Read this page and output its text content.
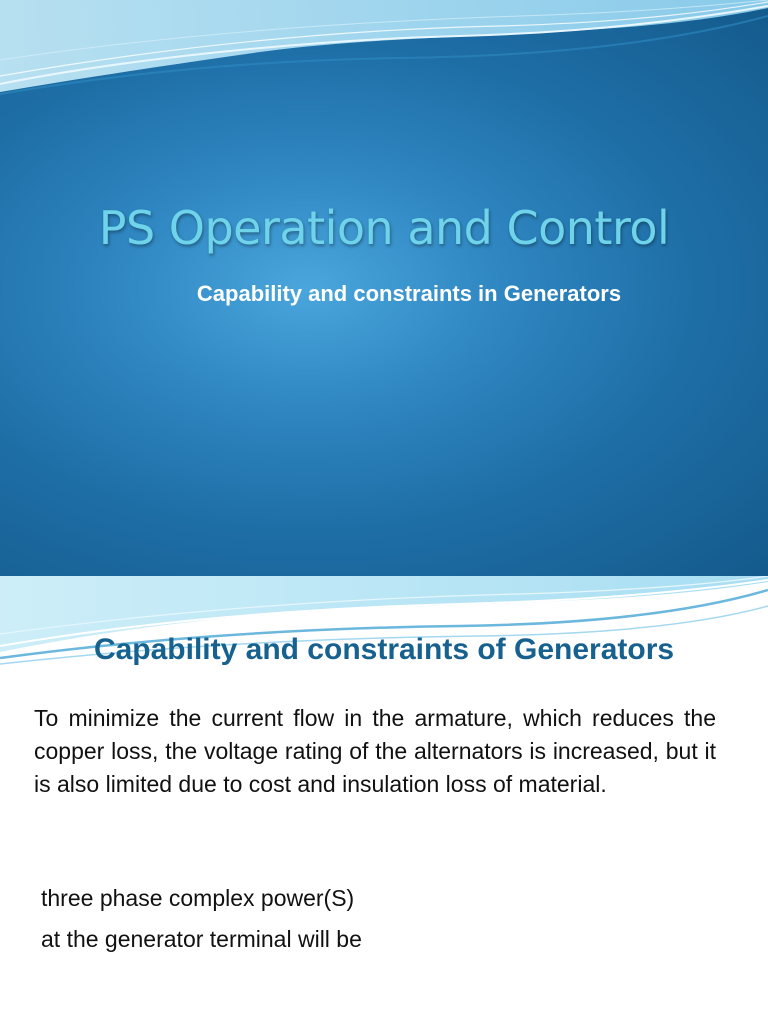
PS Operation and Control
Capability and constraints in Generators
Capability and constraints of Generators

To minimize the current flow in the armature, which reduces the copper loss, the voltage rating of the alternators is increased, but it is also limited due to cost and insulation loss of material.

three phase complex power(S)

at the generator terminal will be
